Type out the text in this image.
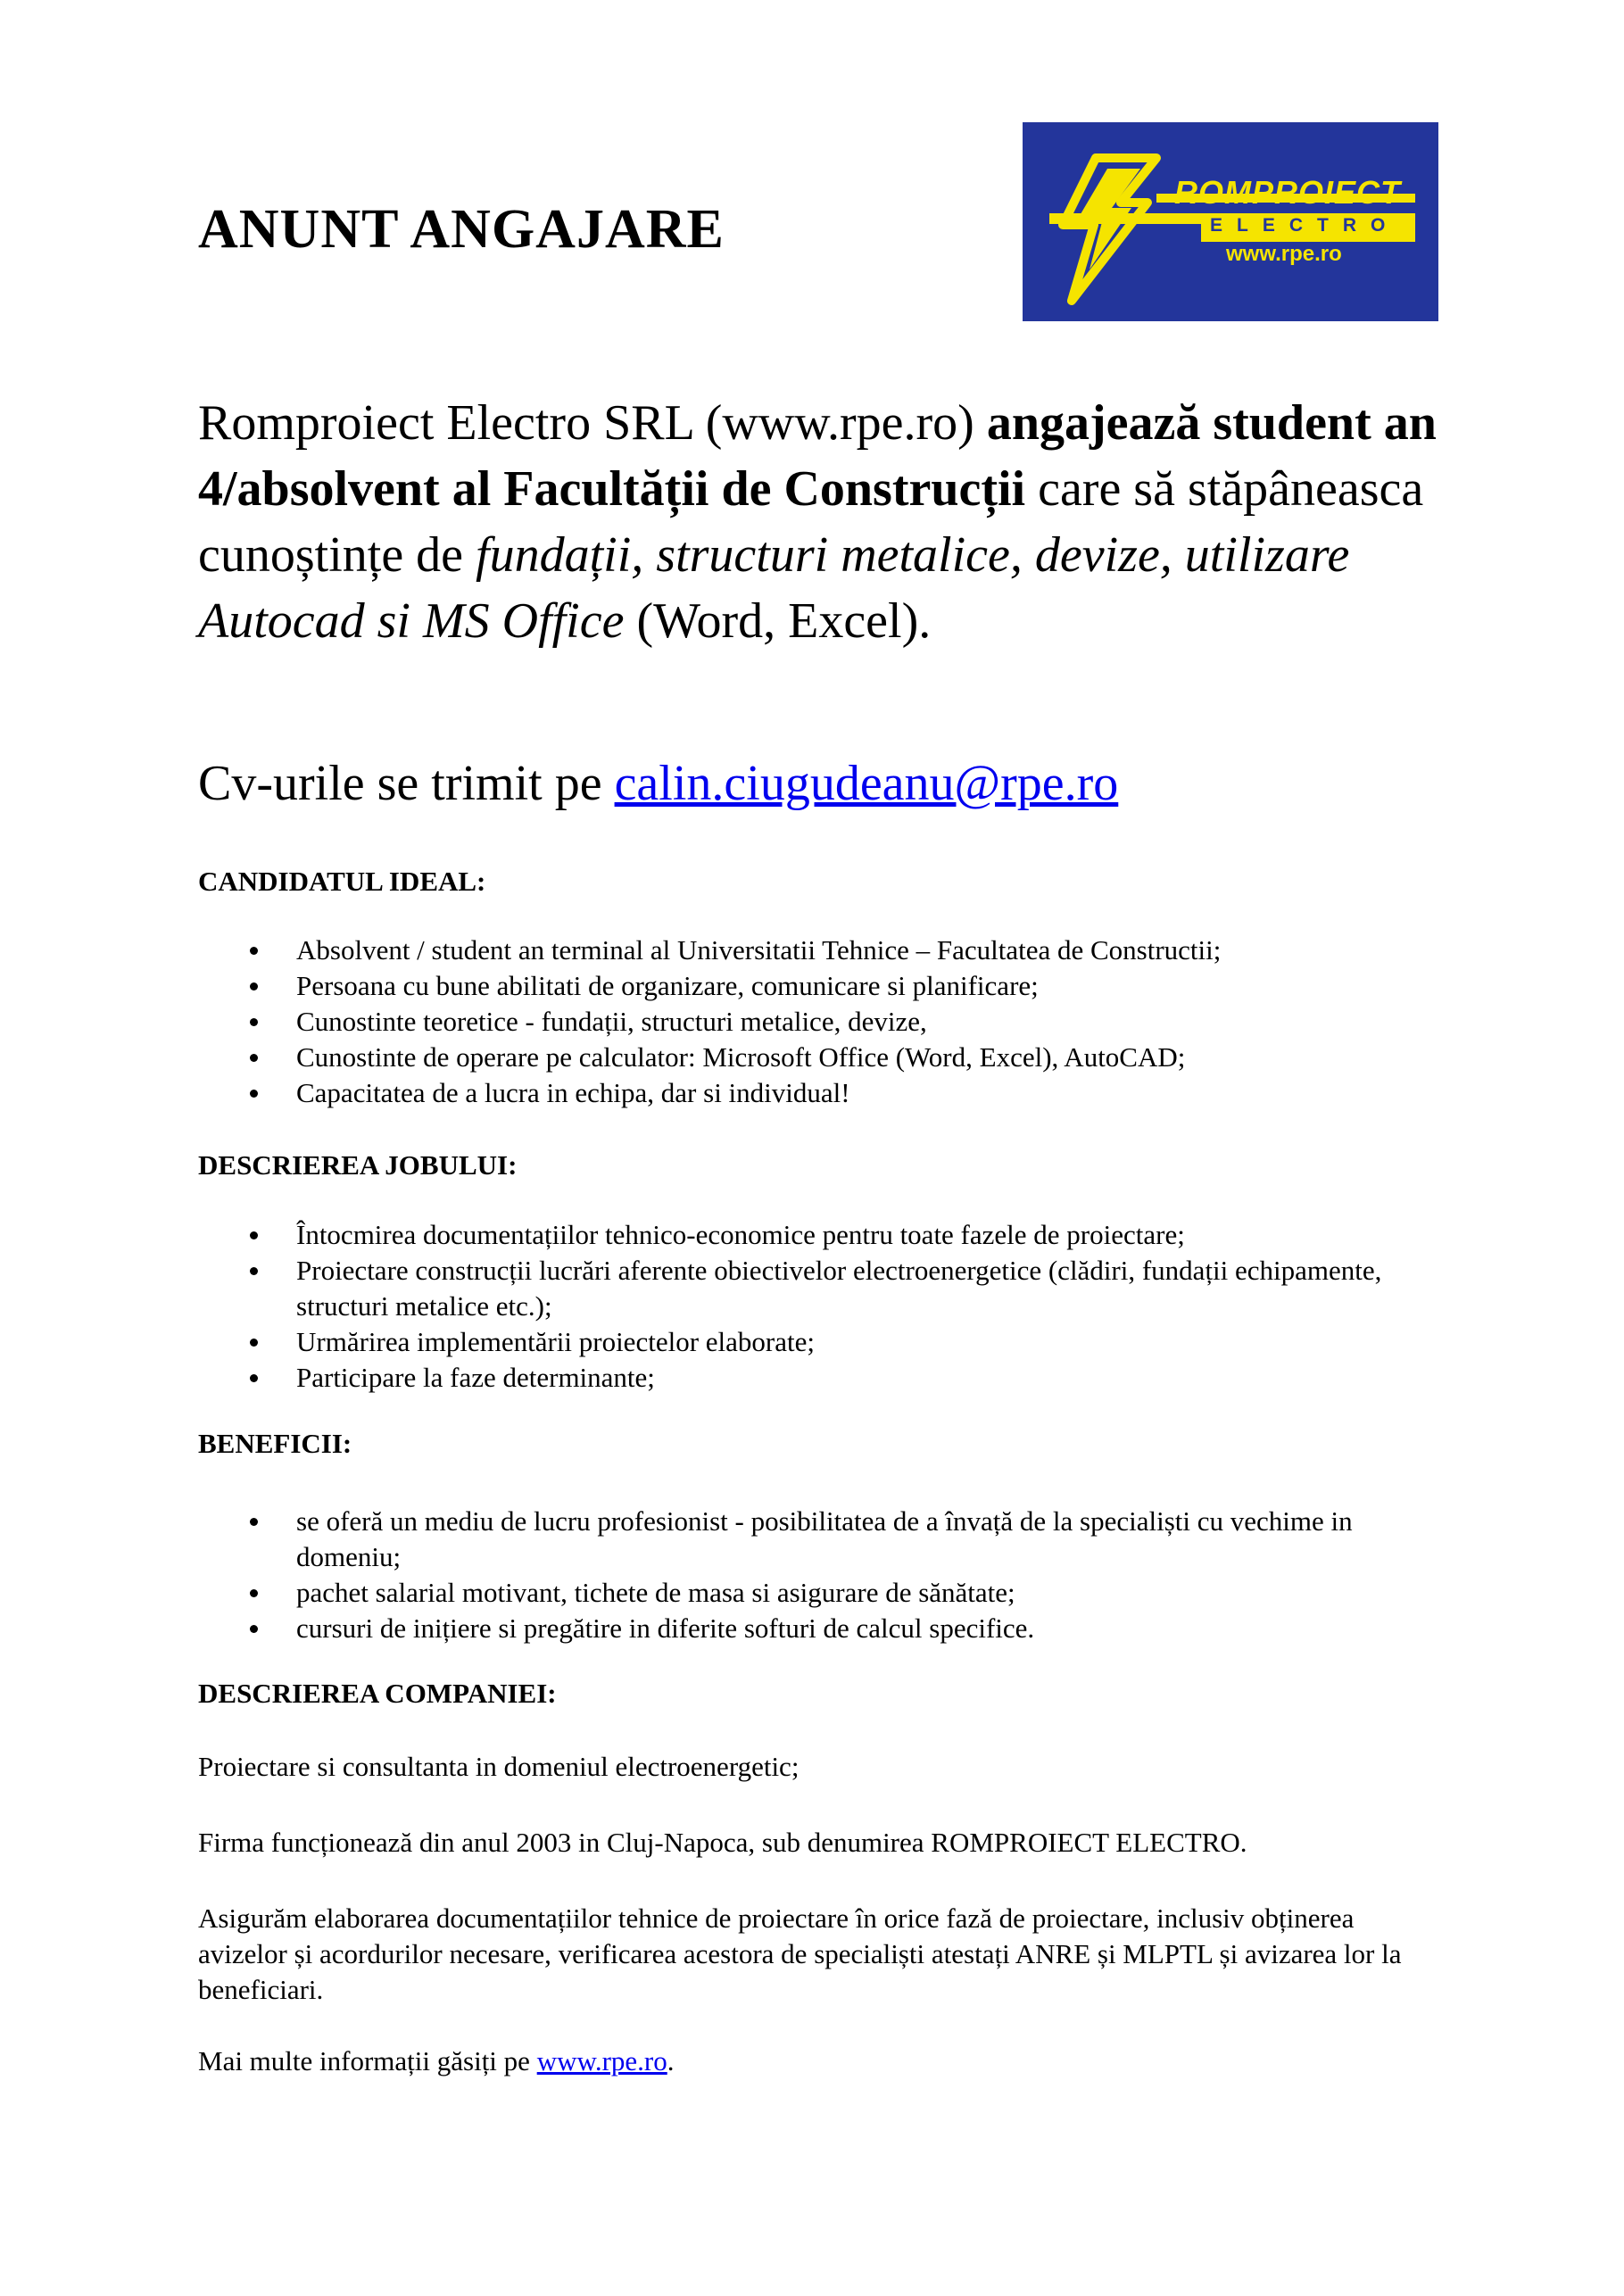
ANUNT ANGAJARE
ROMPROIECT
ELECTRO
www.rpe.ro

Romproiect Electro SRL (www.rpe.ro) angajează student an 4/absolvent al Facultății de Construcții care să stăpâneasca cunoștințe de fundații, structuri metalice, devize, utilizare Autocad si MS Office (Word, Excel).

Cv-urile se trimit pe calin.ciugudeanu@rpe.ro

CANDIDATUL IDEAL:
Absolvent / student an terminal al Universitatii Tehnice – Facultatea de Constructii;
Persoana cu bune abilitati de organizare, comunicare si planificare;
Cunostinte teoretice - fundații, structuri metalice, devize,
Cunostinte de operare pe calculator: Microsoft Office (Word, Excel), AutoCAD;
Capacitatea de a lucra in echipa, dar si individual!
DESCRIEREA JOBULUI:
Întocmirea documentațiilor tehnico-economice pentru toate fazele de proiectare;
Proiectare construcții lucrări aferente obiectivelor electroenergetice (clădiri, fundații echipamente, structuri metalice etc.);
Urmărirea implementării proiectelor elaborate;
Participare la faze determinante;
BENEFICII:
se oferă un mediu de lucru profesionist - posibilitatea de a învață de la specialiști cu vechime in domeniu;
pachet salarial motivant, tichete de masa si asigurare de sănătate;
cursuri de inițiere si pregătire in diferite softuri de calcul specifice.
DESCRIEREA COMPANIEI:

Proiectare si consultanta in domeniul electroenergetic;

Firma funcționează din anul 2003 in Cluj-Napoca, sub denumirea ROMPROIECT ELECTRO.

Asigurăm elaborarea documentațiilor tehnice de proiectare în orice fază de proiectare, inclusiv obținerea avizelor și acordurilor necesare, verificarea acestora de specialiști atestați ANRE și MLPTL și avizarea lor la beneficiari.

Mai multe informații găsiți pe www.rpe.ro.
